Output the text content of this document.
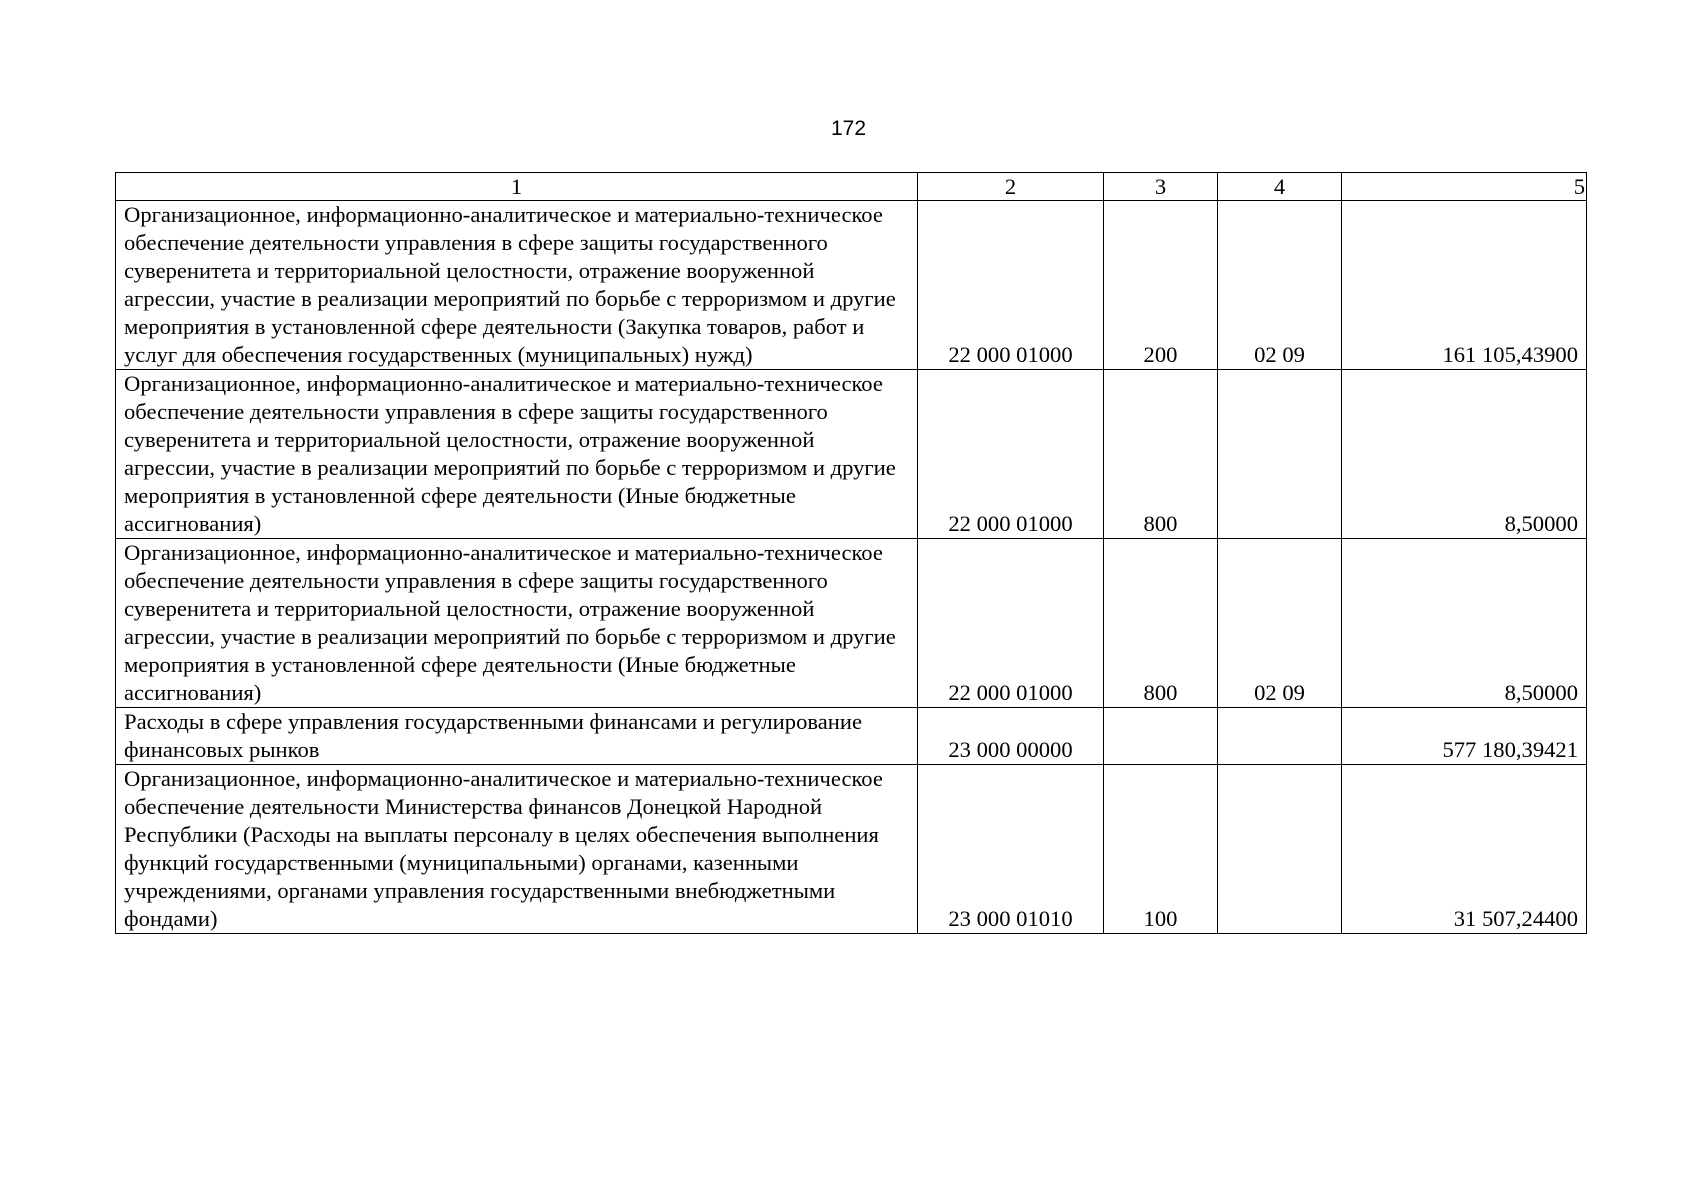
172
1	2	3	4	5
Организационное, информационно-аналитическое и материально-техническое обеспечение деятельности управления в сфере защиты государственного суверенитета и территориальной целостности, отражение вооруженной агрессии, участие в реализации мероприятий по борьбе с терроризмом и другие мероприятия в установленной сфере деятельности (Закупка товаров, работ и услуг для обеспечения государственных (муниципальных) нужд)	22 000 01000	200	02 09	161 105,43900
Организационное, информационно-аналитическое и материально-техническое обеспечение деятельности управления в сфере защиты государственного суверенитета и территориальной целостности, отражение вооруженной агрессии, участие в реализации мероприятий по борьбе с терроризмом и другие мероприятия в установленной сфере деятельности (Иные бюджетные ассигнования)	22 000 01000	800		8,50000
Организационное, информационно-аналитическое и материально-техническое обеспечение деятельности управления в сфере защиты государственного суверенитета и территориальной целостности, отражение вооруженной агрессии, участие в реализации мероприятий по борьбе с терроризмом и другие мероприятия в установленной сфере деятельности (Иные бюджетные ассигнования)	22 000 01000	800	02 09	8,50000
Расходы в сфере управления государственными финансами и регулирование финансовых рынков	23 000 00000			577 180,39421
Организационное, информационно-аналитическое и материально-техническое обеспечение деятельности Министерства финансов Донецкой Народной Республики (Расходы на выплаты персоналу в целях обеспечения выполнения функций государственными (муниципальными) органами, казенными учреждениями, органами управления государственными внебюджетными фондами)	23 000 01010	100		31 507,24400
